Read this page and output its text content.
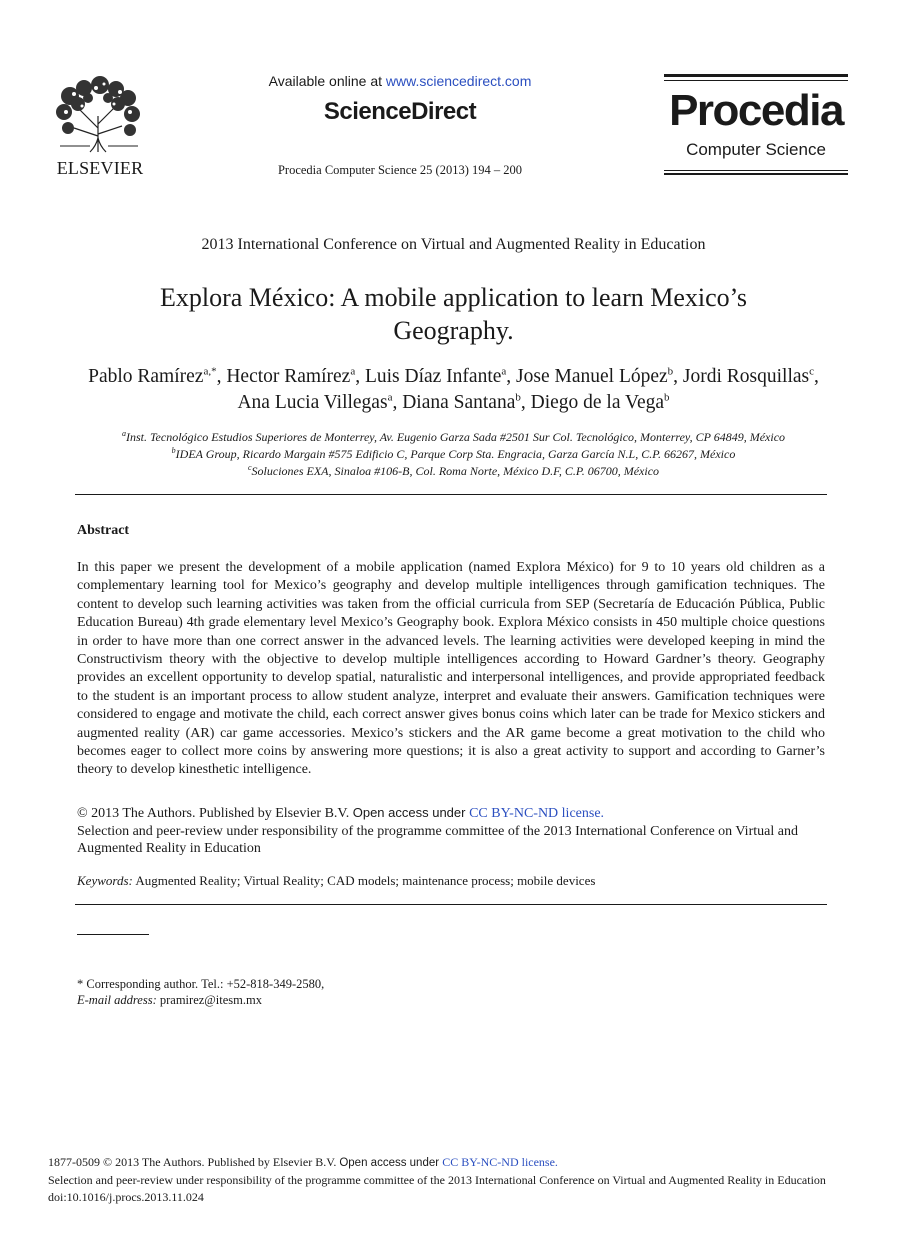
ELSEVIER
Available online at www.sciencedirect.com
ScienceDirect
Procedia Computer Science 25 (2013) 194 – 200
Procedia
Computer Science
2013 International Conference on Virtual and Augmented Reality in Education
Explora México: A mobile application to learn Mexico’s
Geography.
Pablo Ramírez$^{a,*}$, Hector Ramírez$^a$, Luis Díaz Infante$^a$, Jose Manuel López$^b$, Jordi Rosquillas$^c$, Ana Lucia Villegas$^a$, Diana Santana$^b$, Diego de la Vega$^b$
$^a$Inst. Tecnológico Estudios Superiores de Monterrey, Av. Eugenio Garza Sada #2501 Sur Col. Tecnológico, Monterrey, CP 64849, México
$^b$IDEA Group, Ricardo Margain #575 Edificio C, Parque Corp Sta. Engracia, Garza García N.L, C.P. 66267, México
$^c$Soluciones EXA, Sinaloa #106-B, Col. Roma Norte, México D.F, C.P. 06700, México
Abstract
In this paper we present the development of a mobile application (named Explora México) for 9 to 10 years old children as a complementary learning tool for Mexico’s geography and develop multiple intelligences through gamification techniques. The content to develop such learning activities was taken from the official curricula from SEP (Secretaría de Educación Pública, Public Education Bureau) 4th grade elementary level Mexico’s Geography book. Explora México consists in 450 multiple choice questions in order to have more than one correct answer in the advanced levels. The learning activities were developed keeping in mind the Constructivism theory with the objective to develop multiple intelligences according to Howard Gardner’s theory. Geography provides an excellent opportunity to develop spatial, naturalistic and interpersonal intelligences, and provide appropriated feedback to the student is an important process to allow student analyze, interpret and evaluate their answers. Gamification techniques were considered to engage and motivate the child, each correct answer gives bonus coins which later can be trade for Mexico stickers and augmented reality (AR) car game accessories. Mexico’s stickers and the AR game become a great motivation to the child who becomes eager to collect more coins by answering more questions; it is also a great activity to support and according to Garner’s theory to develop kinesthetic intelligence.
© 2013 The Authors. Published by Elsevier B.V. Open access under CC BY-NC-ND license.
Selection and peer-review under responsibility of the programme committee of the 2013 International Conference on Virtual and Augmented Reality in Education
Keywords: Augmented Reality; Virtual Reality; CAD models; maintenance process; mobile devices
* Corresponding author. Tel.: +52-818-349-2580,
E-mail address: pramirez@itesm.mx
1877-0509 © 2013 The Authors. Published by Elsevier B.V. Open access under CC BY-NC-ND license.
Selection and peer-review under responsibility of the programme committee of the 2013 International Conference on Virtual and Augmented Reality in Education
doi:10.1016/j.procs.2013.11.024
